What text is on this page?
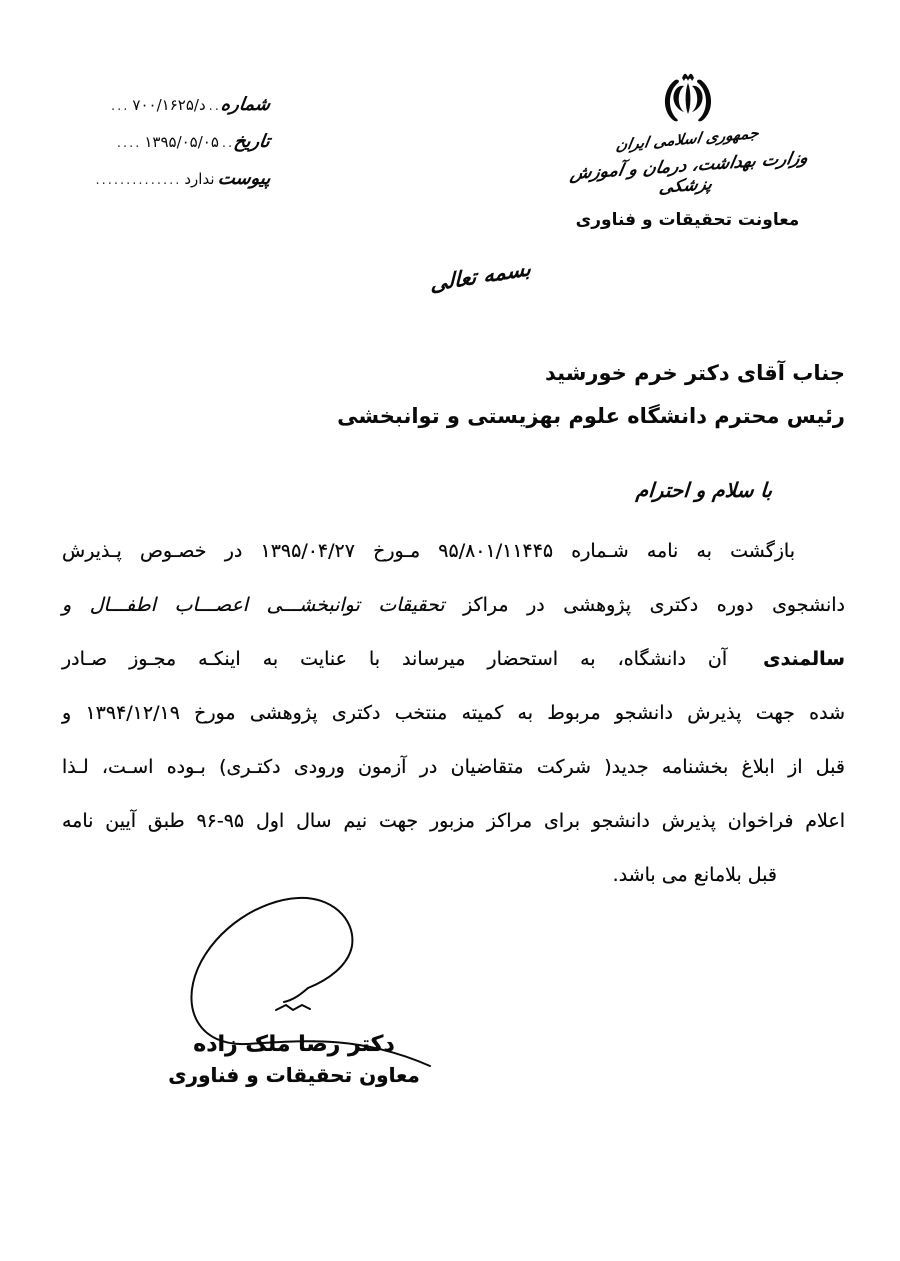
شماره
..
۷۰۰/د/۱۶۲۵
...
تاریخ
..
۱۳۹۵/۰۵/۰۵
....
پیوست
ندارد
..............
جمهوری اسلامی ایران
وزارت بهداشت، درمان و آموزش پزشکی
معاونت تحقیقات و فناوری
بسمه تعالی
جناب آقای دکتر خرم خورشید
رئیس محترم دانشگاه علوم بهزیستی و توانبخشی
با سلام و احترام
بازگشت به نامه شـماره ۹۵/۸۰۱/۱۱۴۴۵ مـورخ ۱۳۹۵/۰۴/۲۷ در خصـوص پـذیرش
دانشجوی دوره دکتری پژوهشی در مراکز تحقیقات توانبخشـــی اعصـــاب اطفـــال و
سالمندیآن دانشگاه، به استحضار میرساند با عنایت به اینکـه مجـوز صـادر
شده جهت پذیرش دانشجو مربوط به کمیته منتخب دکتری پژوهشی مورخ ۱۳۹۴/۱۲/۱۹ و
قبل از ابلاغ بخشنامه جدید( شرکت متقاضیان در آزمون ورودی دکتـری) بـوده اسـت، لـذا
اعلام فراخوان پذیرش دانشجو برای مراکز مزبور جهت نیم سال اول ۹۶-۹۵ طبق آیین نامه
قبل بلامانع می باشد.
دکتر رضا ملک زاده
معاون تحقیقات و فناوری
